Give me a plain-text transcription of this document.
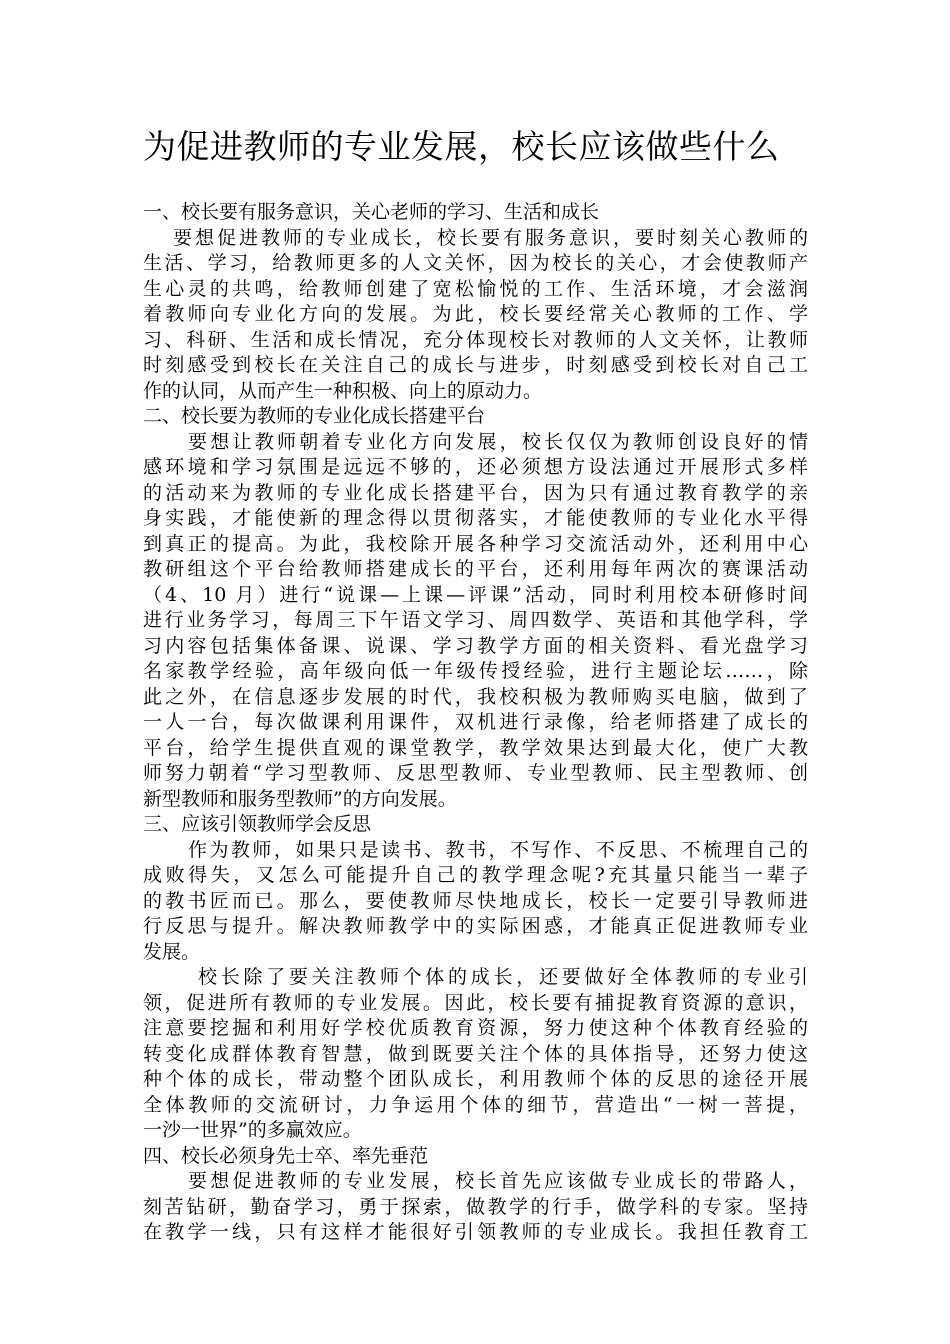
为促进教师的专业发展，校长应该做些什么
一、校长要有服务意识，关心老师的学习、生活和成长
要想促进教师的专业成长，校长要有服务意识，要时刻关心教师的
生活、学习，给教师更多的人文关怀，因为校长的关心，才会使教师产
生心灵的共鸣，给教师创建了宽松愉悦的工作、生活环境，才会滋润
着教师向专业化方向的发展。为此，校长要经常关心教师的工作、学
习、科研、生活和成长情况，充分体现校长对教师的人文关怀，让教师
时刻感受到校长在关注自己的成长与进步，时刻感受到校长对自己工
作的认同，从而产生一种积极、向上的原动力。
二、校长要为教师的专业化成长搭建平台
要想让教师朝着专业化方向发展，校长仅仅为教师创设良好的情
感环境和学习氛围是远远不够的，还必须想方设法通过开展形式多样
的活动来为教师的专业化成长搭建平台，因为只有通过教育教学的亲
身实践，才能使新的理念得以贯彻落实，才能使教师的专业化水平得
到真正的提高。为此，我校除开展各种学习交流活动外，还利用中心
教研组这个平台给教师搭建成长的平台，还利用每年两次的赛课活动
（4、10 月）进行“说课—上课—评课”活动，同时利用校本研修时间
进行业务学习，每周三下午语文学习、周四数学、英语和其他学科，学
习内容包括集体备课、说课、学习教学方面的相关资料、看光盘学习
名家教学经验，高年级向低一年级传授经验，进行主题论坛……，除
此之外，在信息逐步发展的时代，我校积极为教师购买电脑，做到了
一人一台，每次做课利用课件，双机进行录像，给老师搭建了成长的
平台，给学生提供直观的课堂教学，教学效果达到最大化，使广大教
师努力朝着“学习型教师、反思型教师、专业型教师、民主型教师、创
新型教师和服务型教师”的方向发展。
三、应该引领教师学会反思
作为教师，如果只是读书、教书，不写作、不反思、不梳理自己的
成败得失，又怎么可能提升自己的教学理念呢?充其量只能当一辈子
的教书匠而已。那么，要使教师尽快地成长，校长一定要引导教师进
行反思与提升。解决教师教学中的实际困惑，才能真正促进教师专业
发展。
校长除了要关注教师个体的成长，还要做好全体教师的专业引
领，促进所有教师的专业发展。因此，校长要有捕捉教育资源的意识，
注意要挖掘和利用好学校优质教育资源，努力使这种个体教育经验的
转变化成群体教育智慧，做到既要关注个体的具体指导，还努力使这
种个体的成长，带动整个团队成长，利用教师个体的反思的途径开展
全体教师的交流研讨，力争运用个体的细节，营造出“一树一菩提，
一沙一世界”的多赢效应。
四、校长必须身先士卒、率先垂范
要想促进教师的专业发展，校长首先应该做专业成长的带路人，
刻苦钻研，勤奋学习，勇于探索，做教学的行手，做学科的专家。坚持
在教学一线，只有这样才能很好引领教师的专业成长。我担任教育工
